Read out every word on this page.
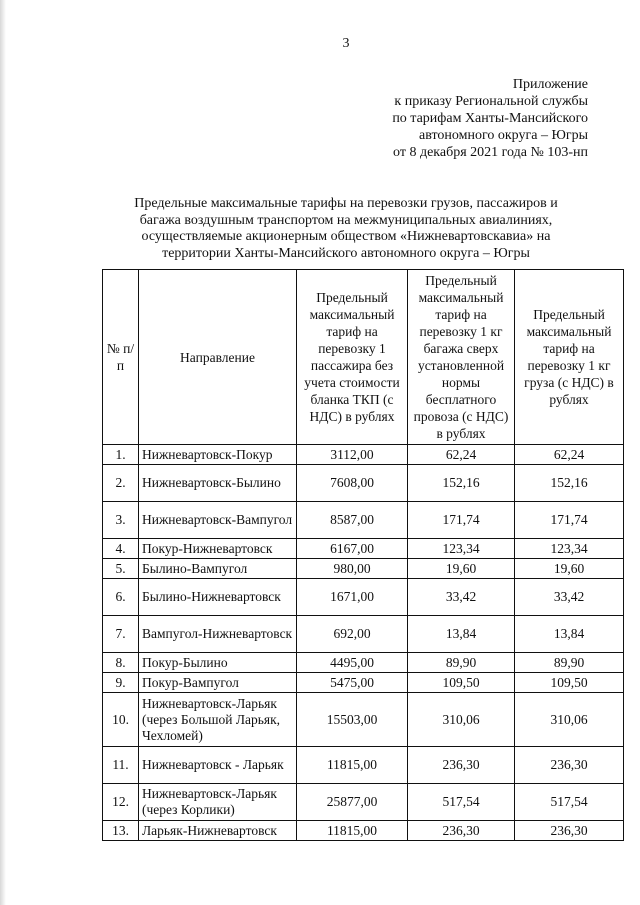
3
Приложение
к приказу Региональной службы
по тарифам Ханты-Мансийского
автономного округа – Югры
от 8 декабря 2021 года № 103-нп
Предельные максимальные тарифы на перевозки грузов, пассажиров и
багажа воздушным транспортом на межмуниципальных авиалиниях,
осуществляемые акционерным обществом «Нижневартовскавиа» на
территории Ханты-Мансийского автономного округа – Югры
№ п/п	Направление	Предельный максимальный тариф на перевозку 1 пассажира без учета стоимости бланка ТКП (с НДС) в рублях	Предельный максимальный тариф на перевозку 1 кг багажа сверх установленной нормы бесплатного провоза (с НДС) в рублях	Предельный максимальный тариф на перевозку 1 кг груза (с НДС) в рублях
1.	Нижневартовск-Покур	3112,00	62,24	62,24
2.	Нижневартовск-Былино	7608,00	152,16	152,16
3.	Нижневартовск-Вампугол	8587,00	171,74	171,74
4.	Покур-Нижневартовск	6167,00	123,34	123,34
5.	Былино-Вампугол	980,00	19,60	19,60
6.	Былино-Нижневартовск	1671,00	33,42	33,42
7.	Вампугол-Нижневартовск	692,00	13,84	13,84
8.	Покур-Былино	4495,00	89,90	89,90
9.	Покур-Вампугол	5475,00	109,50	109,50
10.	Нижневартовск-Ларьяк (через Большой Ларьяк, Чехломей)	15503,00	310,06	310,06
11.	Нижневартовск - Ларьяк	11815,00	236,30	236,30
12.	Нижневартовск-Ларьяк (через Корлики)	25877,00	517,54	517,54
13.	Ларьяк-Нижневартовск	11815,00	236,30	236,30
